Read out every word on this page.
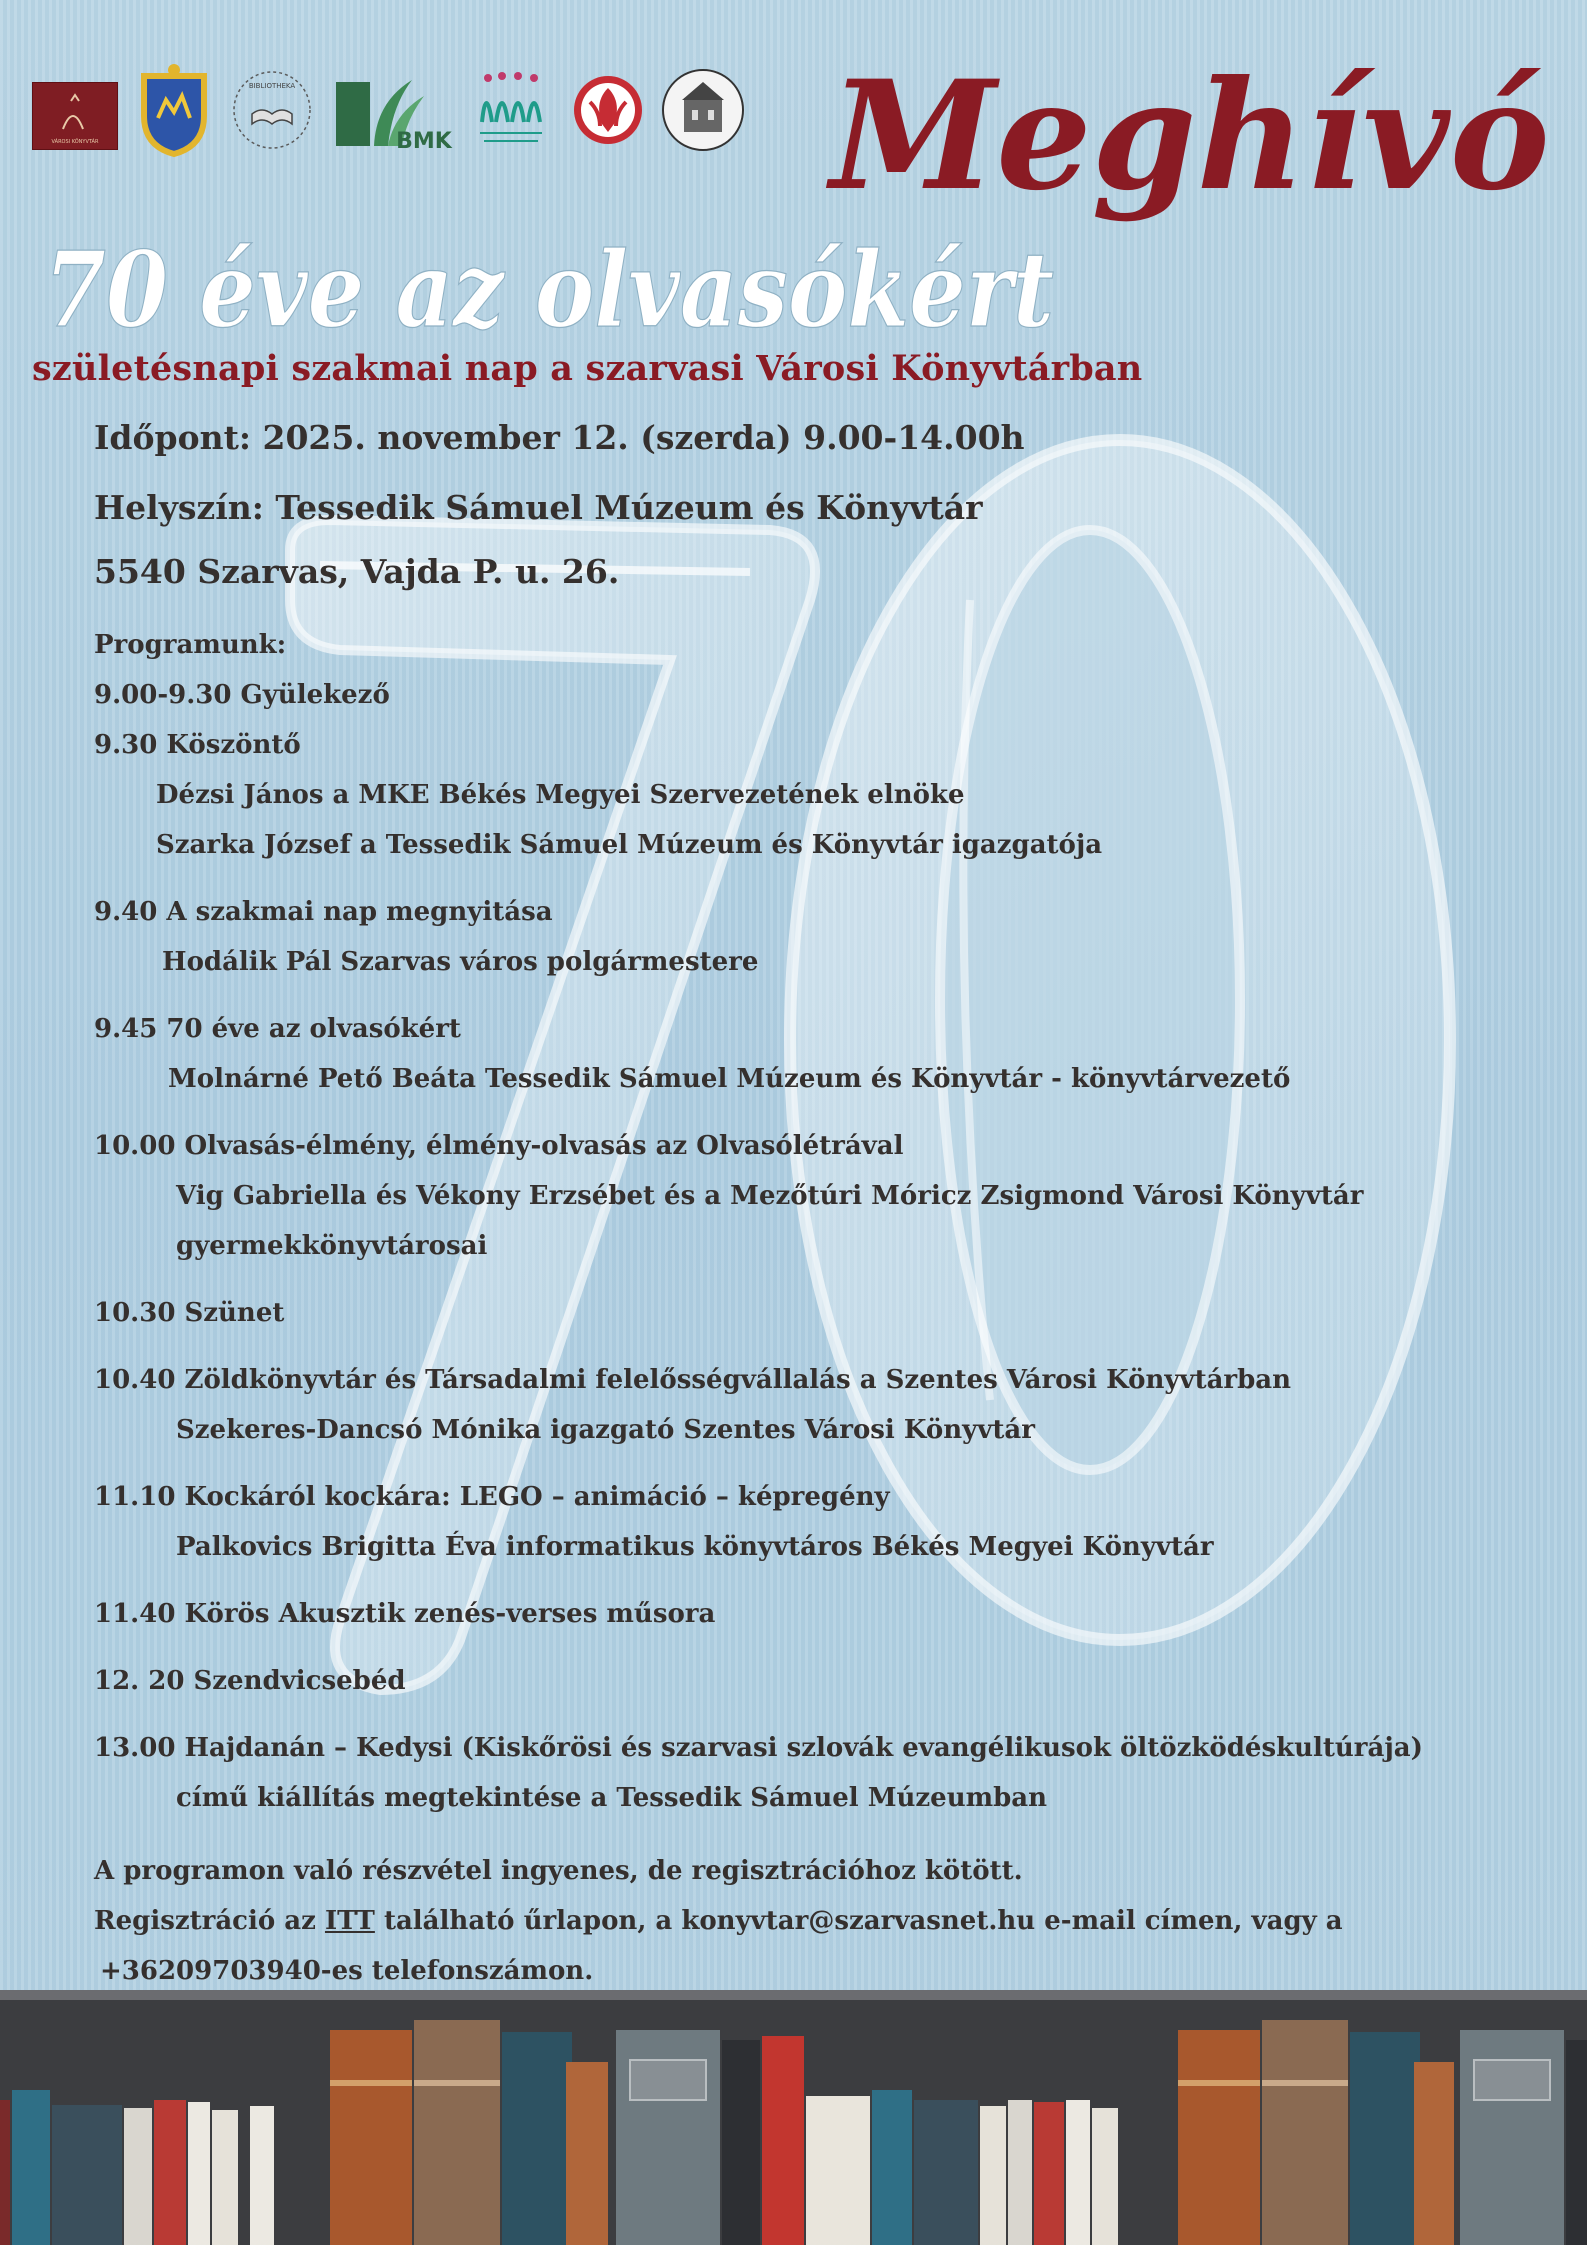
VÁROSI KÖNYVTÁR
BIBLIOTHEKA
BMK	Meghívó
70 éve az olvasókért
születésnapi szakmai nap a szarvasi Városi Könyvtárban
Időpont: 2025. november 12. (szerda) 9.00-14.00h
Helyszín: Tessedik Sámuel Múzeum és Könyvtár
5540 Szarvas, Vajda P. u. 26.
Programunk:
9.00-9.30 Gyülekező
9.30 Köszöntő
Dézsi János a MKE Békés Megyei Szervezetének elnöke
Szarka József a Tessedik Sámuel Múzeum és Könyvtár igazgatója
9.40 A szakmai nap megnyitása
Hodálik Pál Szarvas város polgármestere
9.45 70 éve az olvasókért
Molnárné Pető Beáta Tessedik Sámuel Múzeum és Könyvtár - könyvtárvezető
10.00 Olvasás-élmény, élmény-olvasás az Olvasólétrával
Vig Gabriella és Vékony Erzsébet és a Mezőtúri Móricz Zsigmond Városi Könyvtár
gyermekkönyvtárosai
10.30 Szünet
10.40 Zöldkönyvtár és Társadalmi felelősségvállalás a Szentes Városi Könyvtárban
Szekeres-Dancsó Mónika igazgató Szentes Városi Könyvtár
11.10 Kockáról kockára: LEGO – animáció – képregény
Palkovics Brigitta Éva informatikus könyvtáros Békés Megyei Könyvtár
11.40 Körös Akusztik zenés-verses műsora
12. 20 Szendvicsebéd
13.00 Hajdanán – Kedysi (Kiskőrösi és szarvasi szlovák evangélikusok öltözködéskultúrája)
című kiállítás megtekintése a Tessedik Sámuel Múzeumban
A programon való részvétel ingyenes, de regisztrációhoz kötött.
Regisztráció az ITT található űrlapon, a konyvtar@szarvasnet.hu e-mail címen, vagy a
+36209703940-es telefonszámon.
